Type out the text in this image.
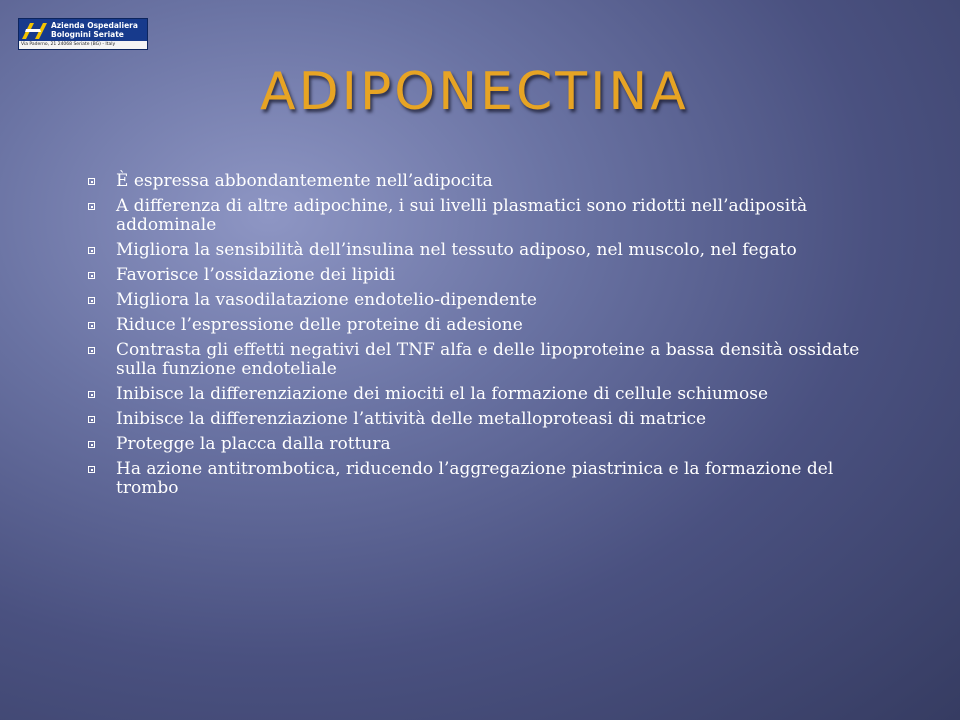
Azienda Ospedaliera
Bolognini Seriate
Via Paderno, 21 24068 Seriate (BG) - Italy
ADIPONECTINA
È espressa abbondantemente nell’adipocita
A differenza di altre adipochine, i sui livelli plasmatici sono ridotti nell’adiposità addominale
Migliora la sensibilità dell’insulina nel tessuto adiposo, nel muscolo, nel fegato
Favorisce l’ossidazione dei lipidi
Migliora la vasodilatazione endotelio-dipendente
Riduce l’espressione delle proteine di adesione
Contrasta gli effetti negativi del TNF alfa e delle lipoproteine a bassa densità ossidate sulla funzione endoteliale
Inibisce la differenziazione dei miociti el la formazione di cellule schiumose
Inibisce la differenziazione l’attività delle metalloproteasi di matrice
Protegge la placca dalla rottura
Ha azione antitrombotica, riducendo l’aggregazione piastrinica e la formazione del trombo
